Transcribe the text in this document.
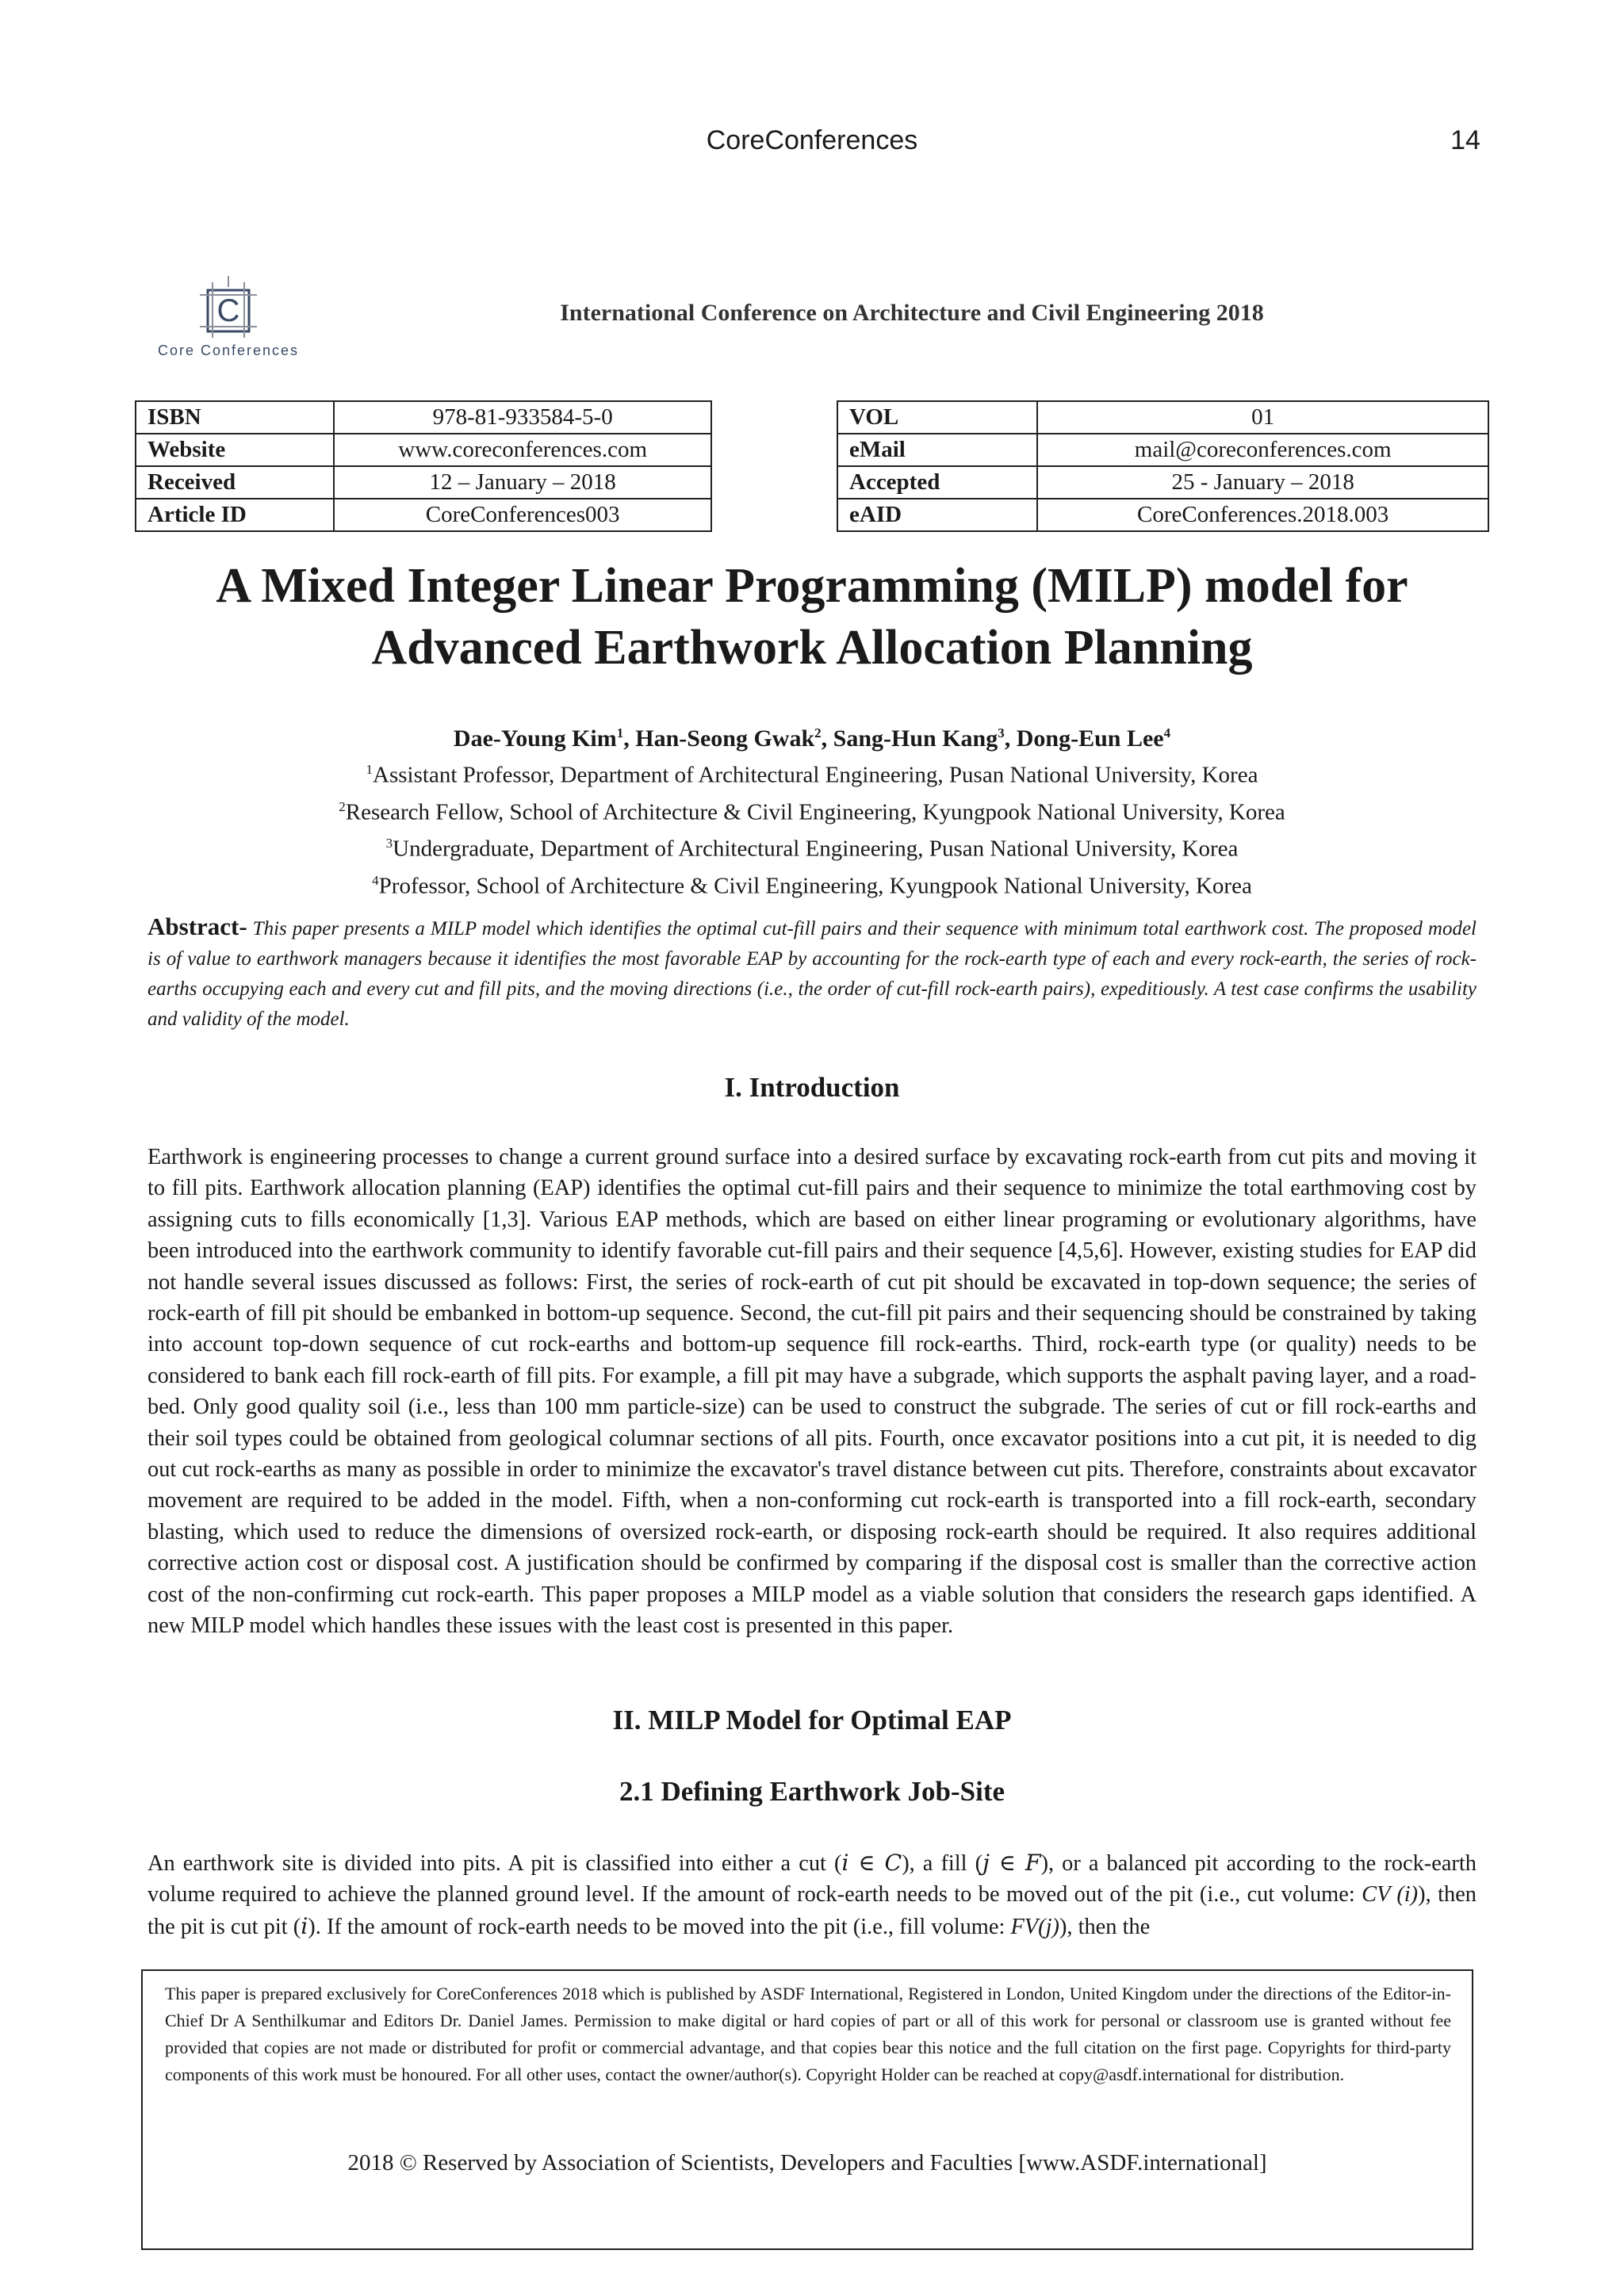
CoreConferences	14
C
Core Conferences
International Conference on Architecture and Civil Engineering 2018
ISBN	978-81-933584-5-0
Website	www.coreconferences.com
Received	12 – January – 2018
Article ID	CoreConferences003
VOL	01
eMail	mail@coreconferences.com
Accepted	25 - January – 2018
eAID	CoreConferences.2018.003
A Mixed Integer Linear Programming (MILP) model for
Advanced Earthwork Allocation Planning
Dae-Young Kim$^1$, Han-Seong Gwak$^2$, Sang-Hun Kang$^3$, Dong-Eun Lee$^4$
$^1$Assistant Professor, Department of Architectural Engineering, Pusan National University, Korea
$^2$Research Fellow, School of Architecture & Civil Engineering, Kyungpook National University, Korea
$^3$Undergraduate, Department of Architectural Engineering, Pusan National University, Korea
$^4$Professor, School of Architecture & Civil Engineering, Kyungpook National University, Korea
Abstract- This paper presents a MILP model which identifies the optimal cut-fill pairs and their sequence with minimum total earthwork cost. The proposed model is of value to earthwork managers because it identifies the most favorable EAP by accounting for the rock-earth type of each and every rock-earth, the series of rock-earths occupying each and every cut and fill pits, and the moving directions (i.e., the order of cut-fill rock-earth pairs), expeditiously. A test case confirms the usability and validity of the model.
I. Introduction

Earthwork is engineering processes to change a current ground surface into a desired surface by excavating rock-earth from cut pits and moving it to fill pits. Earthwork allocation planning (EAP) identifies the optimal cut-fill pairs and their sequence to minimize the total earthmoving cost by assigning cuts to fills economically [1,3]. Various EAP methods, which are based on either linear programing or evolutionary algorithms, have been introduced into the earthwork community to identify favorable cut-fill pairs and their sequence [4,5,6]. However, existing studies for EAP did not handle several issues discussed as follows: First, the series of rock-earth of cut pit should be excavated in top-down sequence; the series of rock-earth of fill pit should be embanked in bottom-up sequence. Second, the cut-fill pit pairs and their sequencing should be constrained by taking into account top-down sequence of cut rock-earths and bottom-up sequence fill rock-earths. Third, rock-earth type (or quality) needs to be considered to bank each fill rock-earth of fill pits. For example, a fill pit may have a subgrade, which supports the asphalt paving layer, and a road-bed. Only good quality soil (i.e., less than 100 mm particle-size) can be used to construct the subgrade. The series of cut or fill rock-earths and their soil types could be obtained from geological columnar sections of all pits. Fourth, once excavator positions into a cut pit, it is needed to dig out cut rock-earths as many as possible in order to minimize the excavator's travel distance between cut pits. Therefore, constraints about excavator movement are required to be added in the model. Fifth, when a non-conforming cut rock-earth is transported into a fill rock-earth, secondary blasting, which used to reduce the dimensions of oversized rock-earth, or disposing rock-earth should be required. It also requires additional corrective action cost or disposal cost. A justification should be confirmed by comparing if the disposal cost is smaller than the corrective action cost of the non-confirming cut rock-earth. This paper proposes a MILP model as a viable solution that considers the research gaps identified. A new MILP model which handles these issues with the least cost is presented in this paper.

II. MILP Model for Optimal EAP
2.1 Defining Earthwork Job-Site

An earthwork site is divided into pits. A pit is classified into either a cut (i ∈ C), a fill (j ∈ F), or a balanced pit according to the rock-earth volume required to achieve the planned ground level. If the amount of rock-earth needs to be moved out of the pit (i.e., cut volume: CV (i)), then the pit is cut pit (i). If the amount of rock-earth needs to be moved into the pit (i.e., fill volume: FV(j)), then the

This paper is prepared exclusively for CoreConferences 2018 which is published by ASDF International, Registered in London, United Kingdom under the directions of the Editor-in-Chief Dr A Senthilkumar and Editors Dr. Daniel James. Permission to make digital or hard copies of part or all of this work for personal or classroom use is granted without fee provided that copies are not made or distributed for profit or commercial advantage, and that copies bear this notice and the full citation on the first page. Copyrights for third-party components of this work must be honoured. For all other uses, contact the owner/author(s). Copyright Holder can be reached at copy@asdf.international for distribution.
2018 © Reserved by Association of Scientists, Developers and Faculties [www.ASDF.international]
